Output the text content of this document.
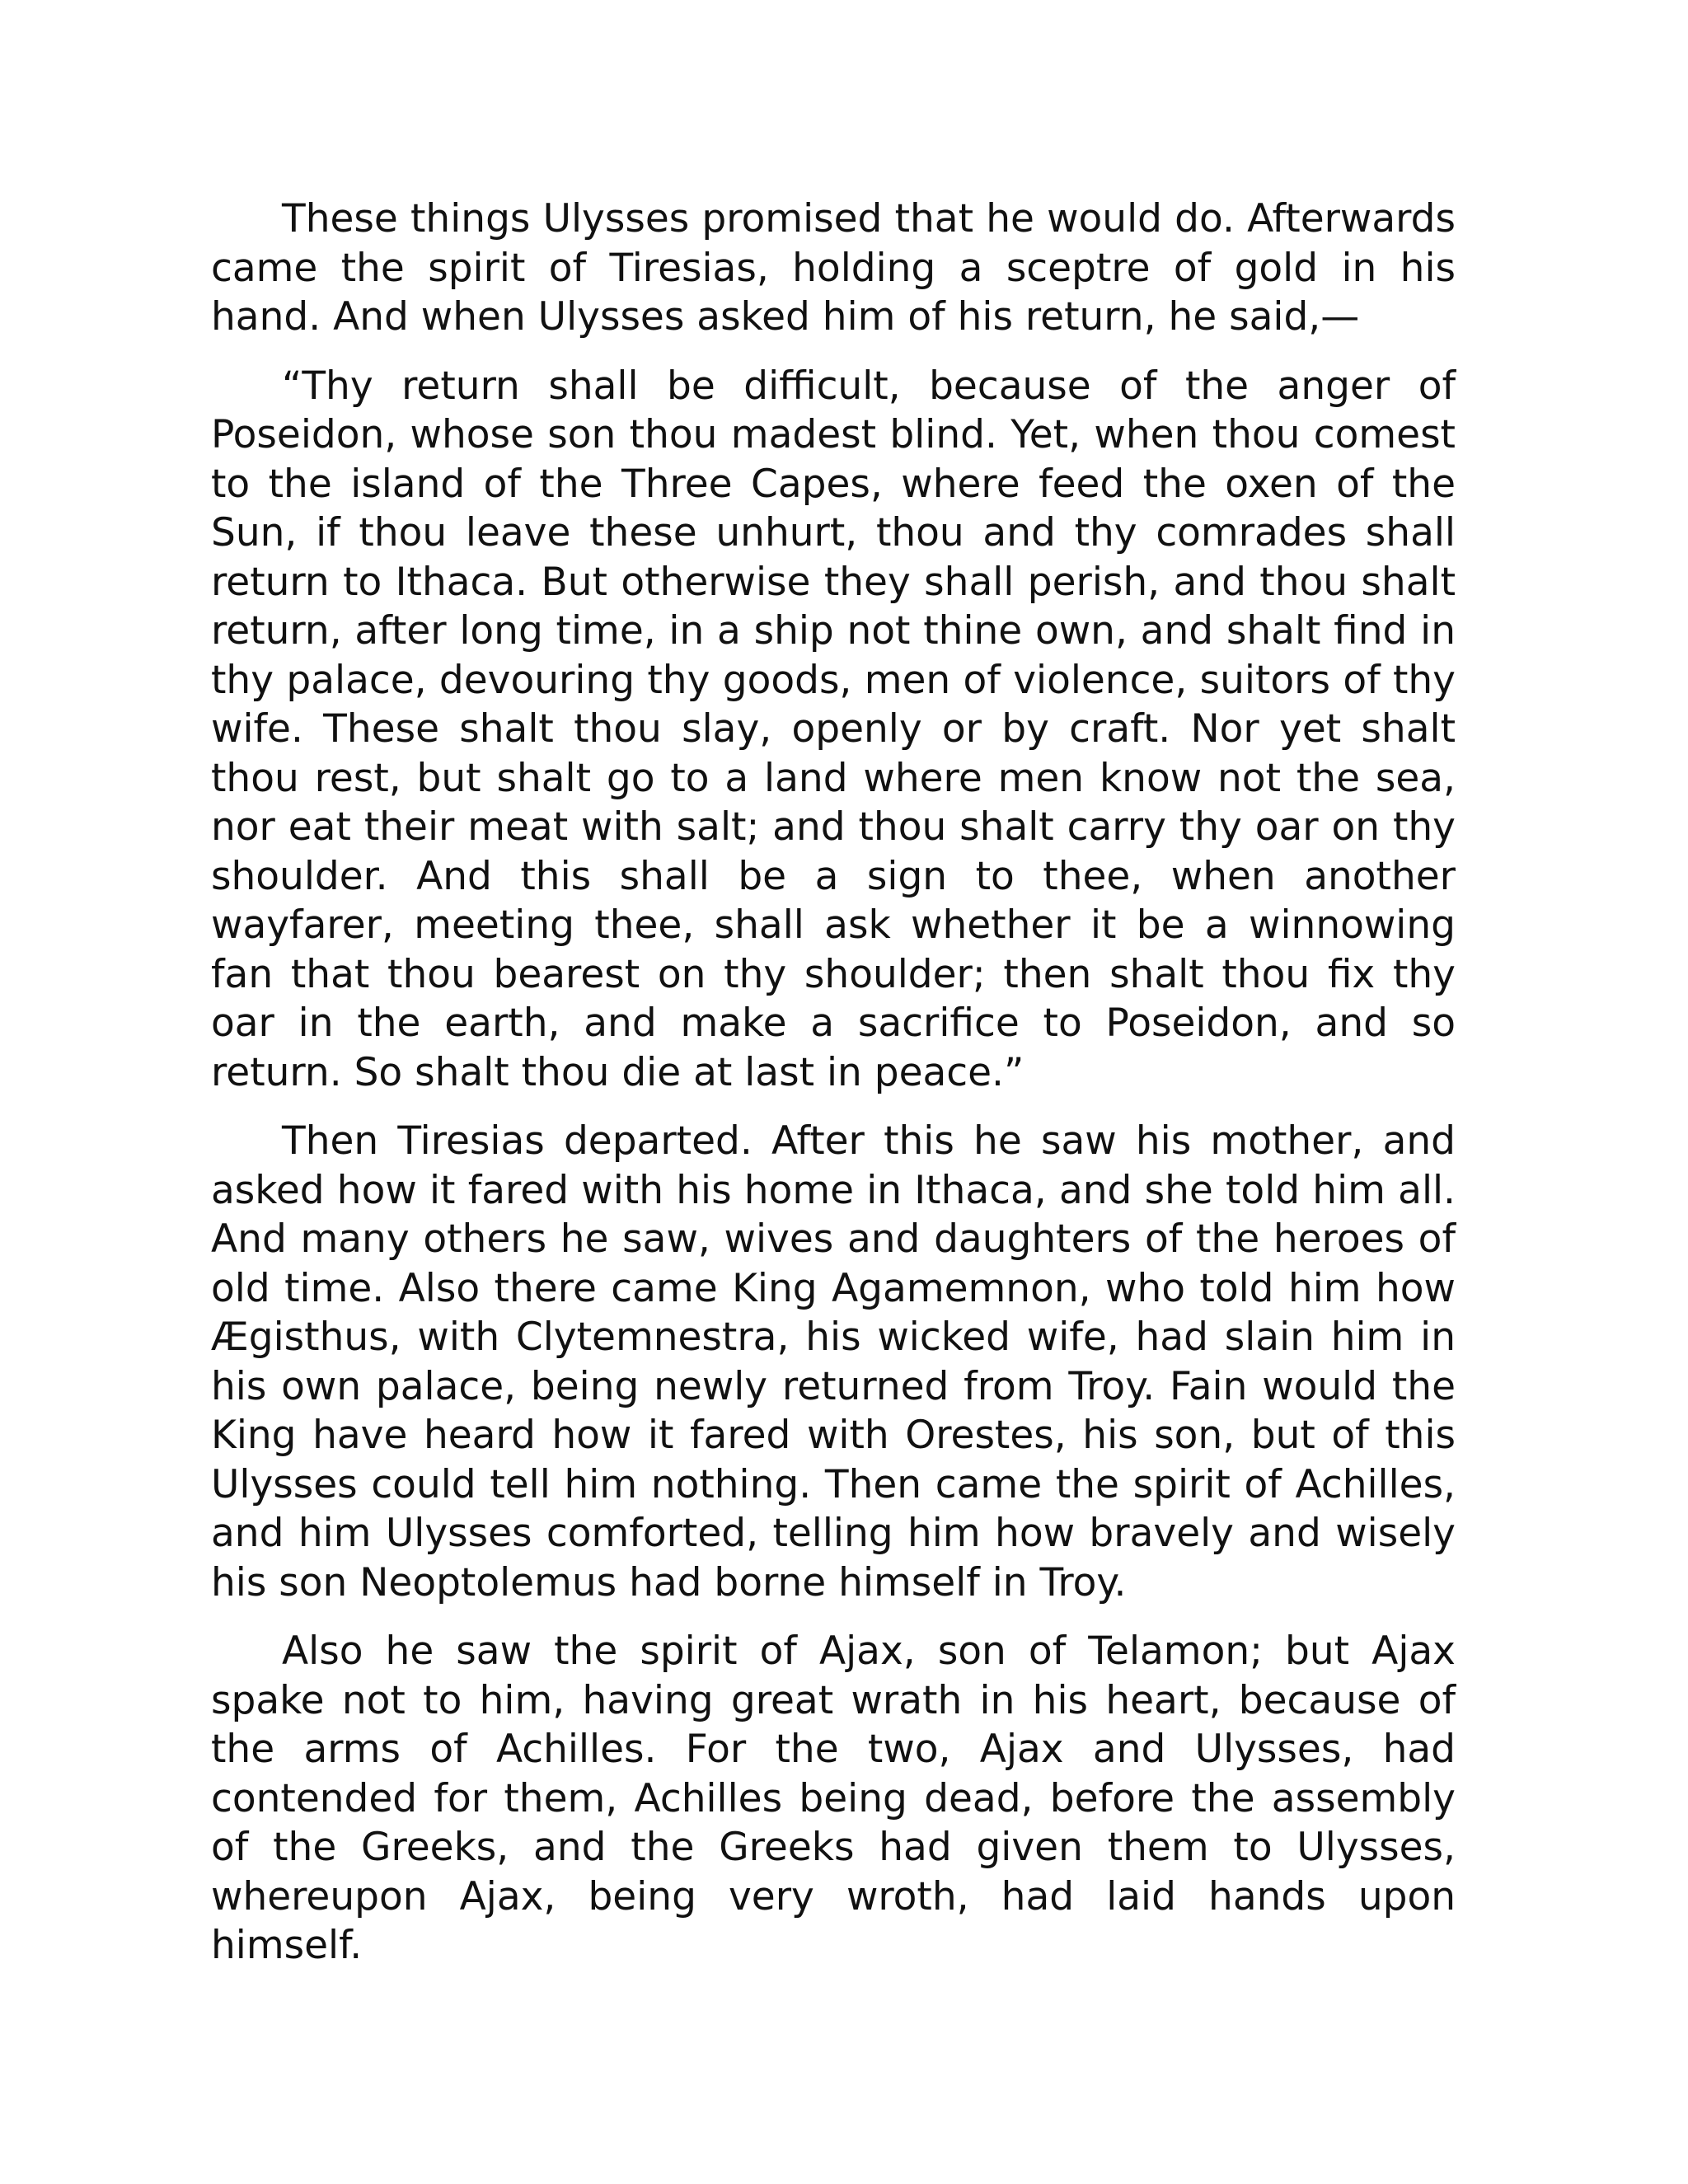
These things Ulysses promised that he would do. Afterwards came the spirit of Tiresias, holding a sceptre of gold in his hand. And when Ulysses asked him of his return, he said,—

“Thy return shall be difficult, because of the anger of Poseidon, whose son thou madest blind. Yet, when thou comest to the island of the Three Capes, where feed the oxen of the Sun, if thou leave these unhurt, thou and thy comrades shall return to Ithaca. But otherwise they shall perish, and thou shalt return, after long time, in a ship not thine own, and shalt find in thy palace, devouring thy goods, men of violence, suitors of thy wife. These shalt thou slay, openly or by craft. Nor yet shalt thou rest, but shalt go to a land where men know not the sea, nor eat their meat with salt; and thou shalt carry thy oar on thy shoulder. And this shall be a sign to thee, when another wayfarer, meeting thee, shall ask whether it be a winnowing fan that thou bearest on thy shoulder; then shalt thou fix thy oar in the earth, and make a sacrifice to Poseidon, and so return. So shalt thou die at last in peace.”

Then Tiresias departed. After this he saw his mother, and asked how it fared with his home in Ithaca, and she told him all. And many others he saw, wives and daughters of the heroes of old time. Also there came King Agamemnon, who told him how Ægisthus, with Clytemnestra, his wicked wife, had slain him in his own palace, being newly returned from Troy. Fain would the King have heard how it fared with Orestes, his son, but of this Ulysses could tell him nothing. Then came the spirit of Achilles, and him Ulysses comforted, telling him how bravely and wisely his son Neoptolemus had borne himself in Troy.

Also he saw the spirit of Ajax, son of Telamon; but Ajax spake not to him, having great wrath in his heart, because of the arms of Achilles. For the two, Ajax and Ulysses, had contended for them, Achilles being dead, before the assembly of the Greeks, and the Greeks had given them to Ulysses, whereupon Ajax, being very wroth, had laid hands upon himself.
